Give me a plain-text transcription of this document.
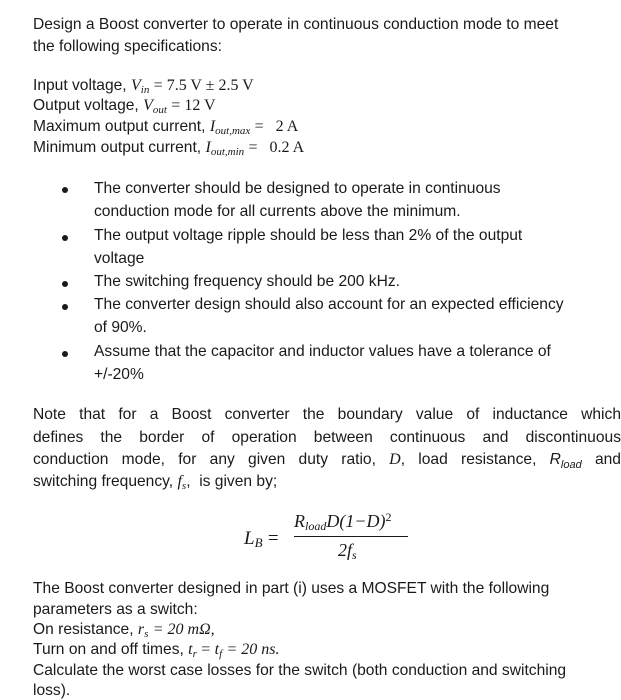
Design a Boost converter to operate in continuous conduction mode to meet
the following specifications:
Input voltage, $V_{in} = 7.5$ V ± 2.5 V
Output voltage, $V_{out} = 12$ V
Maximum output current, $I_{out,max} = 2$ A
Minimum output current, $I_{out,min} = 0.2$ A
The converter should be designed to operate in continuous
conduction mode for all currents above the minimum.
The output voltage ripple should be less than 2% of the output
voltage
The switching frequency should be 200 kHz.
The converter design should also account for an expected efficiency
of 90%.
Assume that the capacitor and inductor values have a tolerance of
+/-20%
Note that for a Boost converter the boundary value of inductance which
defines the border of operation between continuous and discontinuous
conduction mode, for any given duty ratio, D, load resistance, $R_{load}$ and
switching frequency, $f_s$,  is given by;
$L_B$ =
$R_{load}D(1-D)^2$
$2f_s$
The Boost converter designed in part (i) uses a MOSFET with the following
parameters as a switch:
On resistance, $r_s = 20$ mΩ,
Turn on and off times, $t_r = t_f = 20$ ns.
Calculate the worst case losses for the switch (both conduction and switching
loss).
